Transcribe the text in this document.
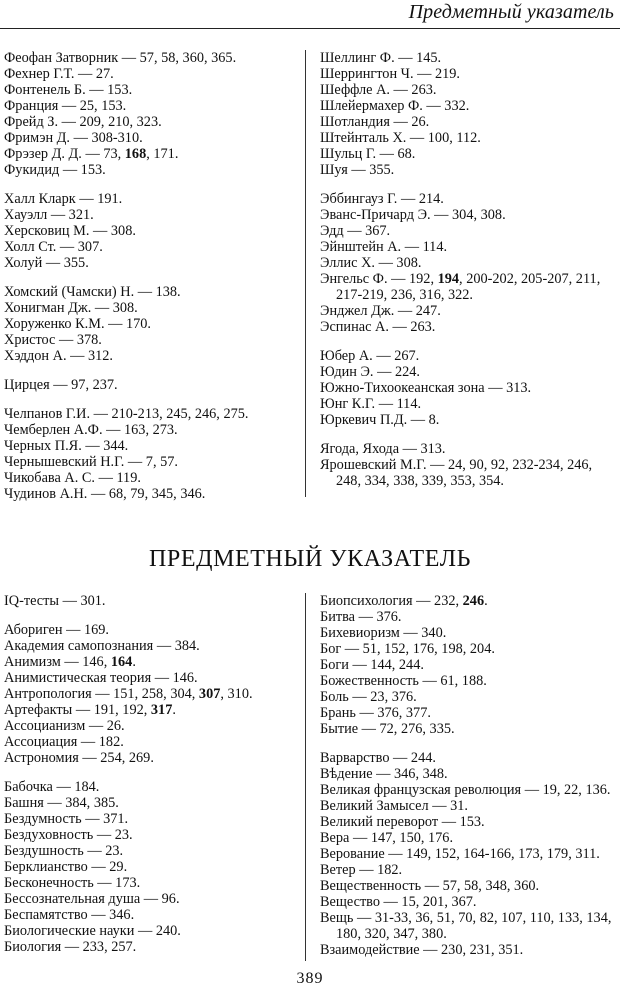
Предметный указатель
Феофан Затворник — 57, 58, 360, 365.
Фехнер Г.Т. — 27.
Фонтенель Б. — 153.
Франция — 25, 153.
Фрейд З. — 209, 210, 323.
Фримэн Д. — 308-310.
Фрэзер Д. Д. — 73, 168, 171.
Фукидид — 153.
Халл Кларк — 191.
Хауэлл — 321.
Херсковиц М. — 308.
Холл Ст. — 307.
Холуй — 355.
Хомский (Чамски) Н. — 138.
Хонигман Дж. — 308.
Хоруженко К.М. — 170.
Христос — 378.
Хэддон А. — 312.
Цирцея — 97, 237.
Челпанов Г.И. — 210-213, 245, 246, 275.
Чемберлен А.Ф. — 163, 273.
Черных П.Я. — 344.
Чернышевский Н.Г. — 7, 57.
Чикобава А. С. — 119.
Чудинов А.Н. — 68, 79, 345, 346.
Шеллинг Ф. — 145.
Шеррингтон Ч. — 219.
Шеффле А. — 263.
Шлейермахер Ф. — 332.
Шотландия — 26.
Штейнталь Х. — 100, 112.
Шульц Г. — 68.
Шуя — 355.
Эббингауз Г. — 214.
Эванс-Причард Э. — 304, 308.
Эдд — 367.
Эйнштейн А. — 114.
Эллис Х. — 308.
Энгельс Ф. — 192, 194, 200-202, 205-207, 211, 217-219, 236, 316, 322.
Энджел Дж. — 247.
Эспинас А. — 263.
Юбер А. — 267.
Юдин Э. — 224.
Южно-Тихоокеанская зона — 313.
Юнг К.Г. — 114.
Юркевич П.Д. — 8.
Ягода, Яхода — 313.
Ярошевский М.Г. — 24, 90, 92, 232-234, 246, 248, 334, 338, 339, 353, 354.
ПРЕДМЕТНЫЙ УКАЗАТЕЛЬ
IQ-тесты — 301.
Абориген — 169.
Академия самопознания — 384.
Анимизм — 146, 164.
Анимистическая теория — 146.
Антропология — 151, 258, 304, 307, 310.
Артефакты — 191, 192, 317.
Ассоцианизм — 26.
Ассоциация — 182.
Астрономия — 254, 269.
Бабочка — 184.
Башня — 384, 385.
Бездумность — 371.
Бездуховность — 23.
Бездушность — 23.
Берклианство — 29.
Бесконечность — 173.
Бессознательная душа — 96.
Беспамятство — 346.
Биологические науки — 240.
Биология — 233, 257.
Биопсихология — 232, 246.
Битва — 376.
Бихевиоризм — 340.
Бог — 51, 152, 176, 198, 204.
Боги — 144, 244.
Божественность — 61, 188.
Боль — 23, 376.
Брань — 376, 377.
Бытие — 72, 276, 335.
Варварство — 244.
Вѣдение — 346, 348.
Великая французская революция — 19, 22, 136.
Великий Замысел — 31.
Великий переворот — 153.
Вера — 147, 150, 176.
Верование — 149, 152, 164-166, 173, 179, 311.
Ветер — 182.
Вещественность — 57, 58, 348, 360.
Вещество — 15, 201, 367.
Вещь — 31-33, 36, 51, 70, 82, 107, 110, 133, 134, 180, 320, 347, 380.
Взаимодействие — 230, 231, 351.
389
